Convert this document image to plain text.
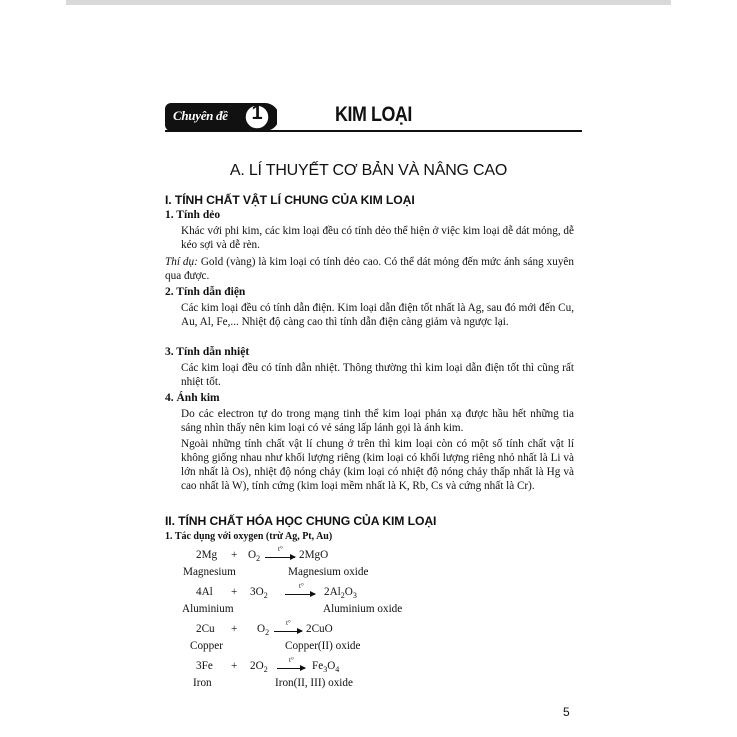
Chuyên đề	1	KIM LOẠI
A. LÍ THUYẾT CƠ BẢN VÀ NÂNG CAO
I. TÍNH CHẤT VẬT LÍ CHUNG CỦA KIM LOẠI
1. Tính dẻo
Khác với phi kim, các kim loại đều có tính dẻo thể hiện ở việc kim loại dễ dát mỏng, dễ kéo sợi và dễ rèn.
Thí dụ: Gold (vàng) là kim loại có tính dẻo cao. Có thể dát mỏng đến mức ánh sáng xuyên qua được.
2. Tính dẫn điện
Các kim loại đều có tính dẫn điện. Kim loại dẫn điện tốt nhất là Ag, sau đó mới đến Cu, Au, Al, Fe,... Nhiệt độ càng cao thì tính dẫn điện càng giảm và ngược lại.
3. Tính dẫn nhiệt
Các kim loại đều có tính dẫn nhiệt. Thông thường thì kim loại dẫn điện tốt thì cũng rất nhiệt tốt.
4. Ánh kim
Do các electron tự do trong mạng tinh thể kim loại phản xạ được hầu hết những tia sáng nhìn thấy nên kim loại có vẻ sáng lấp lánh gọi là ánh kim.
Ngoài những tính chất vật lí chung ở trên thì kim loại còn có một số tính chất vật lí không giống nhau như khối lượng riêng (kim loại có khối lượng riêng nhỏ nhất là Li và lớn nhất là Os), nhiệt độ nóng chảy (kim loại có nhiệt độ nóng chảy thấp nhất là Hg và cao nhất là W), tính cứng (kim loại mềm nhất là K, Rb, Cs và cứng nhất là Cr).
II. TÍNH CHẤT HÓA HỌC CHUNG CỦA KIM LOẠI
1. Tác dụng với oxygen (trừ Ag, Pt, Au)
$2Mg + O_2$
t° → 2MgO
Magnesium	Magnesium oxide
$4Al + 3O_2$
$t^\circ \to 2Al_2O_3$
Aluminium	Aluminium oxide
$2Cu + O_2$
t° → 2CuO
Copper	Copper(II) oxide
$3Fe + 2O_2$
$t^\circ \to Fe_3O_4$
Iron	Iron(II, III) oxide
5
